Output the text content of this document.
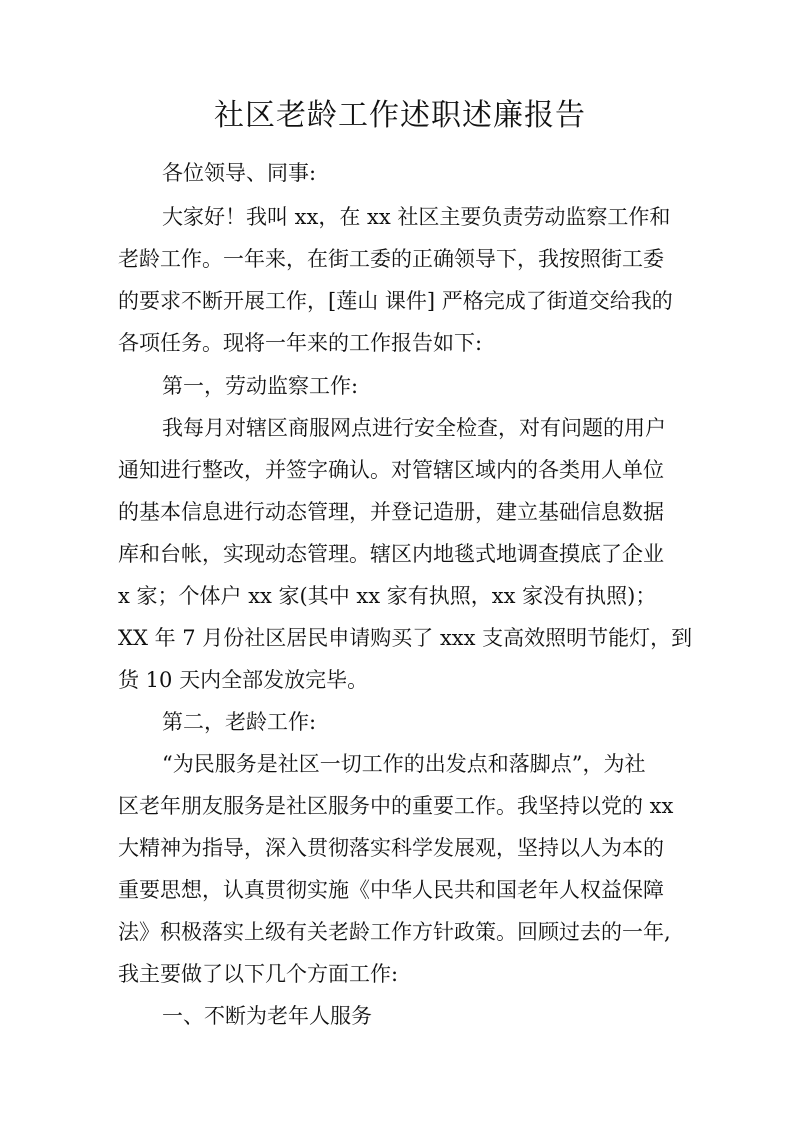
社区老龄工作述职述廉报告
各位领导、同事:
大家好！我叫 xx，在 xx 社区主要负责劳动监察工作和
老龄工作。一年来，在街工委的正确领导下，我按照街工委
的要求不断开展工作，[莲山 课件] 严格完成了街道交给我的
各项任务。现将一年来的工作报告如下:
第一，劳动监察工作:
我每月对辖区商服网点进行安全检查，对有问题的用户
通知进行整改，并签字确认。对管辖区域内的各类用人单位
的基本信息进行动态管理，并登记造册，建立基础信息数据
库和台帐，实现动态管理。辖区内地毯式地调查摸底了企业
x 家；个体户 xx 家(其中 xx 家有执照，xx 家没有执照)；
XX 年 7 月份社区居民申请购买了 xxx 支高效照明节能灯，到
货 10 天内全部发放完毕。
第二，老龄工作:
“为民服务是社区一切工作的出发点和落脚点”，为社
区老年朋友服务是社区服务中的重要工作。我坚持以党的 xx
大精神为指导，深入贯彻落实科学发展观，坚持以人为本的
重要思想，认真贯彻实施《中华人民共和国老年人权益保障
法》积极落实上级有关老龄工作方针政策。回顾过去的一年,
我主要做了以下几个方面工作:
一、不断为老年人服务
